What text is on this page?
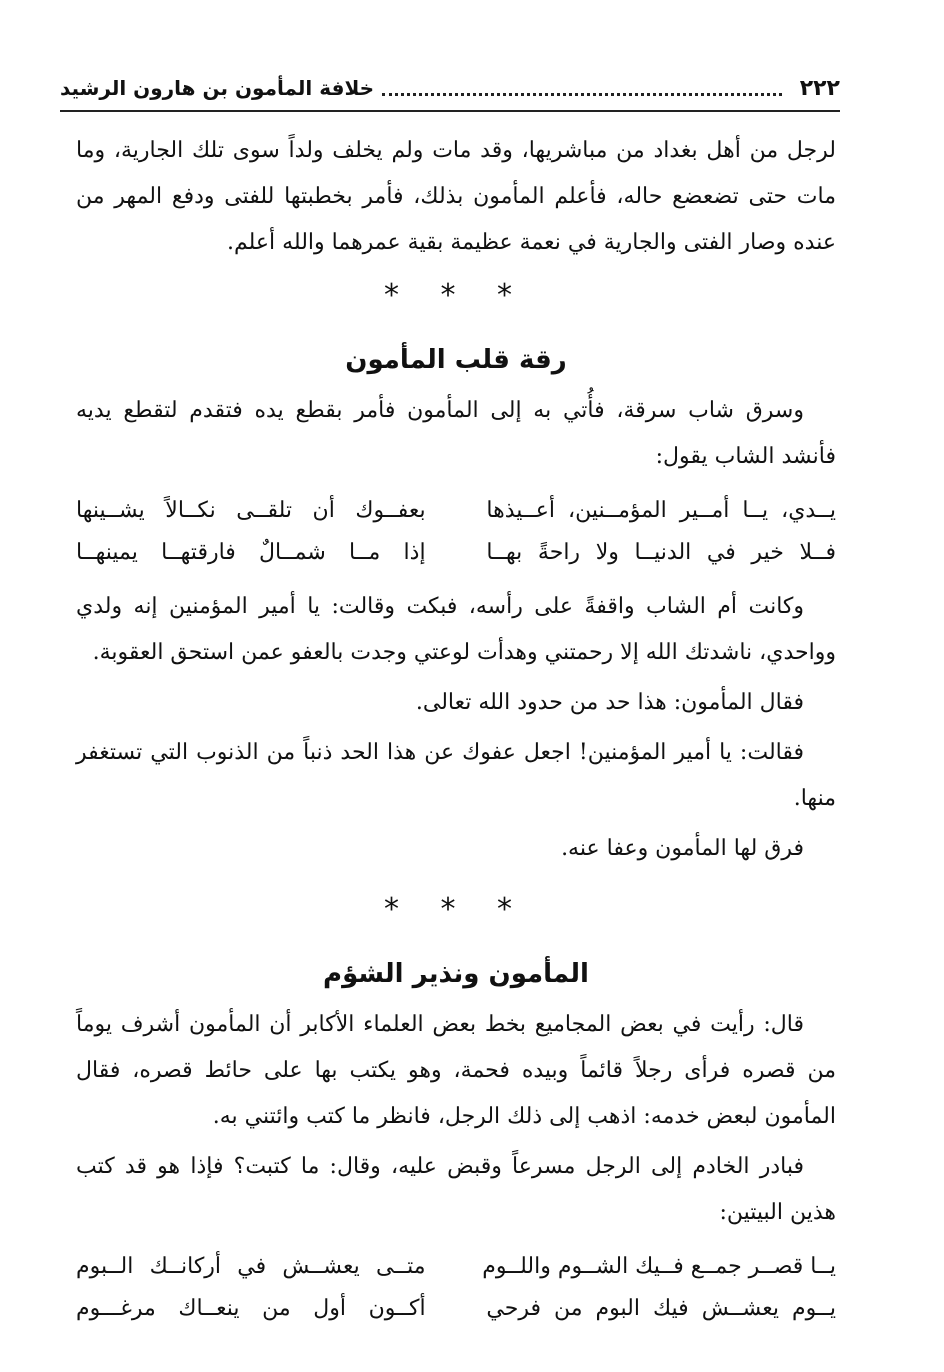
٢٢٢
خلافة المأمون بن هارون الرشيد

لرجل من أهل بغداد من مباشريها، وقد مات ولم يخلف ولداً سوى تلك الجارية، وما مات حتى تضعضع حاله، فأعلم المأمون بذلك، فأمر بخطبتها للفتى ودفع المهر من عنده وصار الفتى والجارية في نعمة عظيمة بقية عمرهما والله أعلم.

* * *
رقة قلب المأمون

وسرق شاب سرقة، فأُتي به إلى المأمون فأمر بقطع يده فتقدم لتقطع يديه فأنشد الشاب يقول:

يــدي، يــا أمــير المؤمــنين، أعــيذها
بعفــوك أن تلقــى نكــالاً يشــينها
فــلا خير في الدنيــا ولا راحةً بهــا
إذا مــا شمــالٌ فارقتهــا يمينهــا

وكانت أم الشاب واقفةً على رأسه، فبكت وقالت: يا أمير المؤمنين إنه ولدي وواحدي، ناشدتك الله إلا رحمتني وهدأت لوعتي وجدت بالعفو عمن استحق العقوبة.

فقال المأمون: هذا حد من حدود الله تعالى.

فقالت: يا أمير المؤمنين! اجعل عفوك عن هذا الحد ذنباً من الذنوب التي تستغفر منها.

فرق لها المأمون وعفا عنه.

* * *
المأمون ونذير الشؤم

قال: رأيت في بعض المجاميع بخط بعض العلماء الأكابر أن المأمون أشرف يوماً من قصره فرأى رجلاً قائماً وبيده فحمة، وهو يكتب بها على حائط قصره، فقال المأمون لبعض خدمه: اذهب إلى ذلك الرجل، فانظر ما كتب وائتني به.

فبادر الخادم إلى الرجل مسرعاً وقبض عليه، وقال: ما كتبت؟ فإذا هو قد كتب هذين البيتين:

يــا قصــر جمــع فــيك الشــوم واللــوم
متــى يعشــش في أركانــك الــبوم
يــوم يعشــش فيك البوم من فرحي
أكــون أول من ينعــاك مرغـــوم
